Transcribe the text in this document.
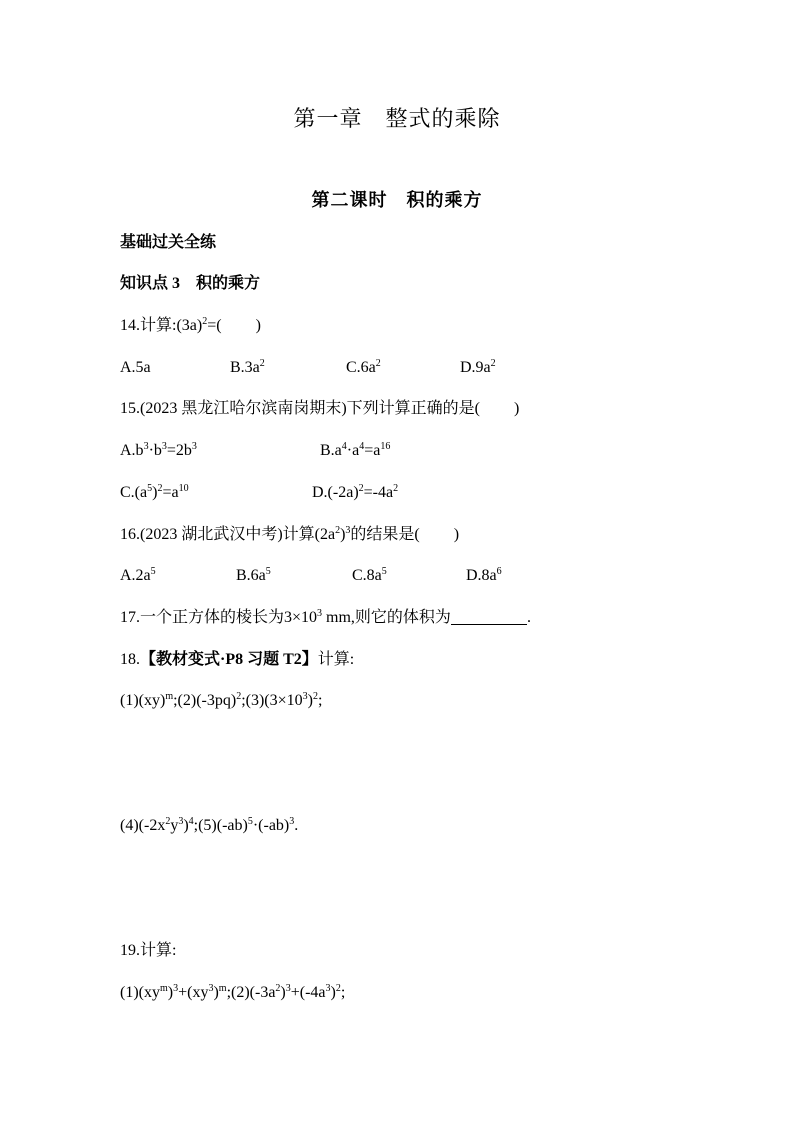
第一章　整式的乘除
第二课时　积的乘方
基础过关全练
知识点 3　积的乘方
14.计算$:(3a)^2=$( )
A.5a	$B.3a^2$	$C.6a^2$	$D.9a^2$
15.(2023 黑龙江哈尔滨南岗期末)下列计算正确的是( )
$A.b^3\cdot b^3=2b^3$	$B.a^4\cdot a^4=a^{16}$
$C.(a^5)^2=a^{10}$	$D.(-2a)^2=-4a^2$
16.(2023 湖北武汉中考)计算$(2a^2)^3$的结果是( )
$A.2a^5$	$B.6a^5$	$C.8a^5$	$D.8a^6$
17.一个正方体的棱长为$3\times 10^3$ mm,则它的体积为	.
18.【教材变式·P8 习题 T2】计算:
$(1)(xy)^m;(2)(-3pq)^2;(3)(3\times 10^3)^2$;
$(4)(-2x^2y^3)^4;(5)(-ab)^5\cdot(-ab)^3$.
19.计算:
$(1)(xy^m)^3+(xy^3)^m;(2)(-3a^2)^3+(-4a^3)^2$;
